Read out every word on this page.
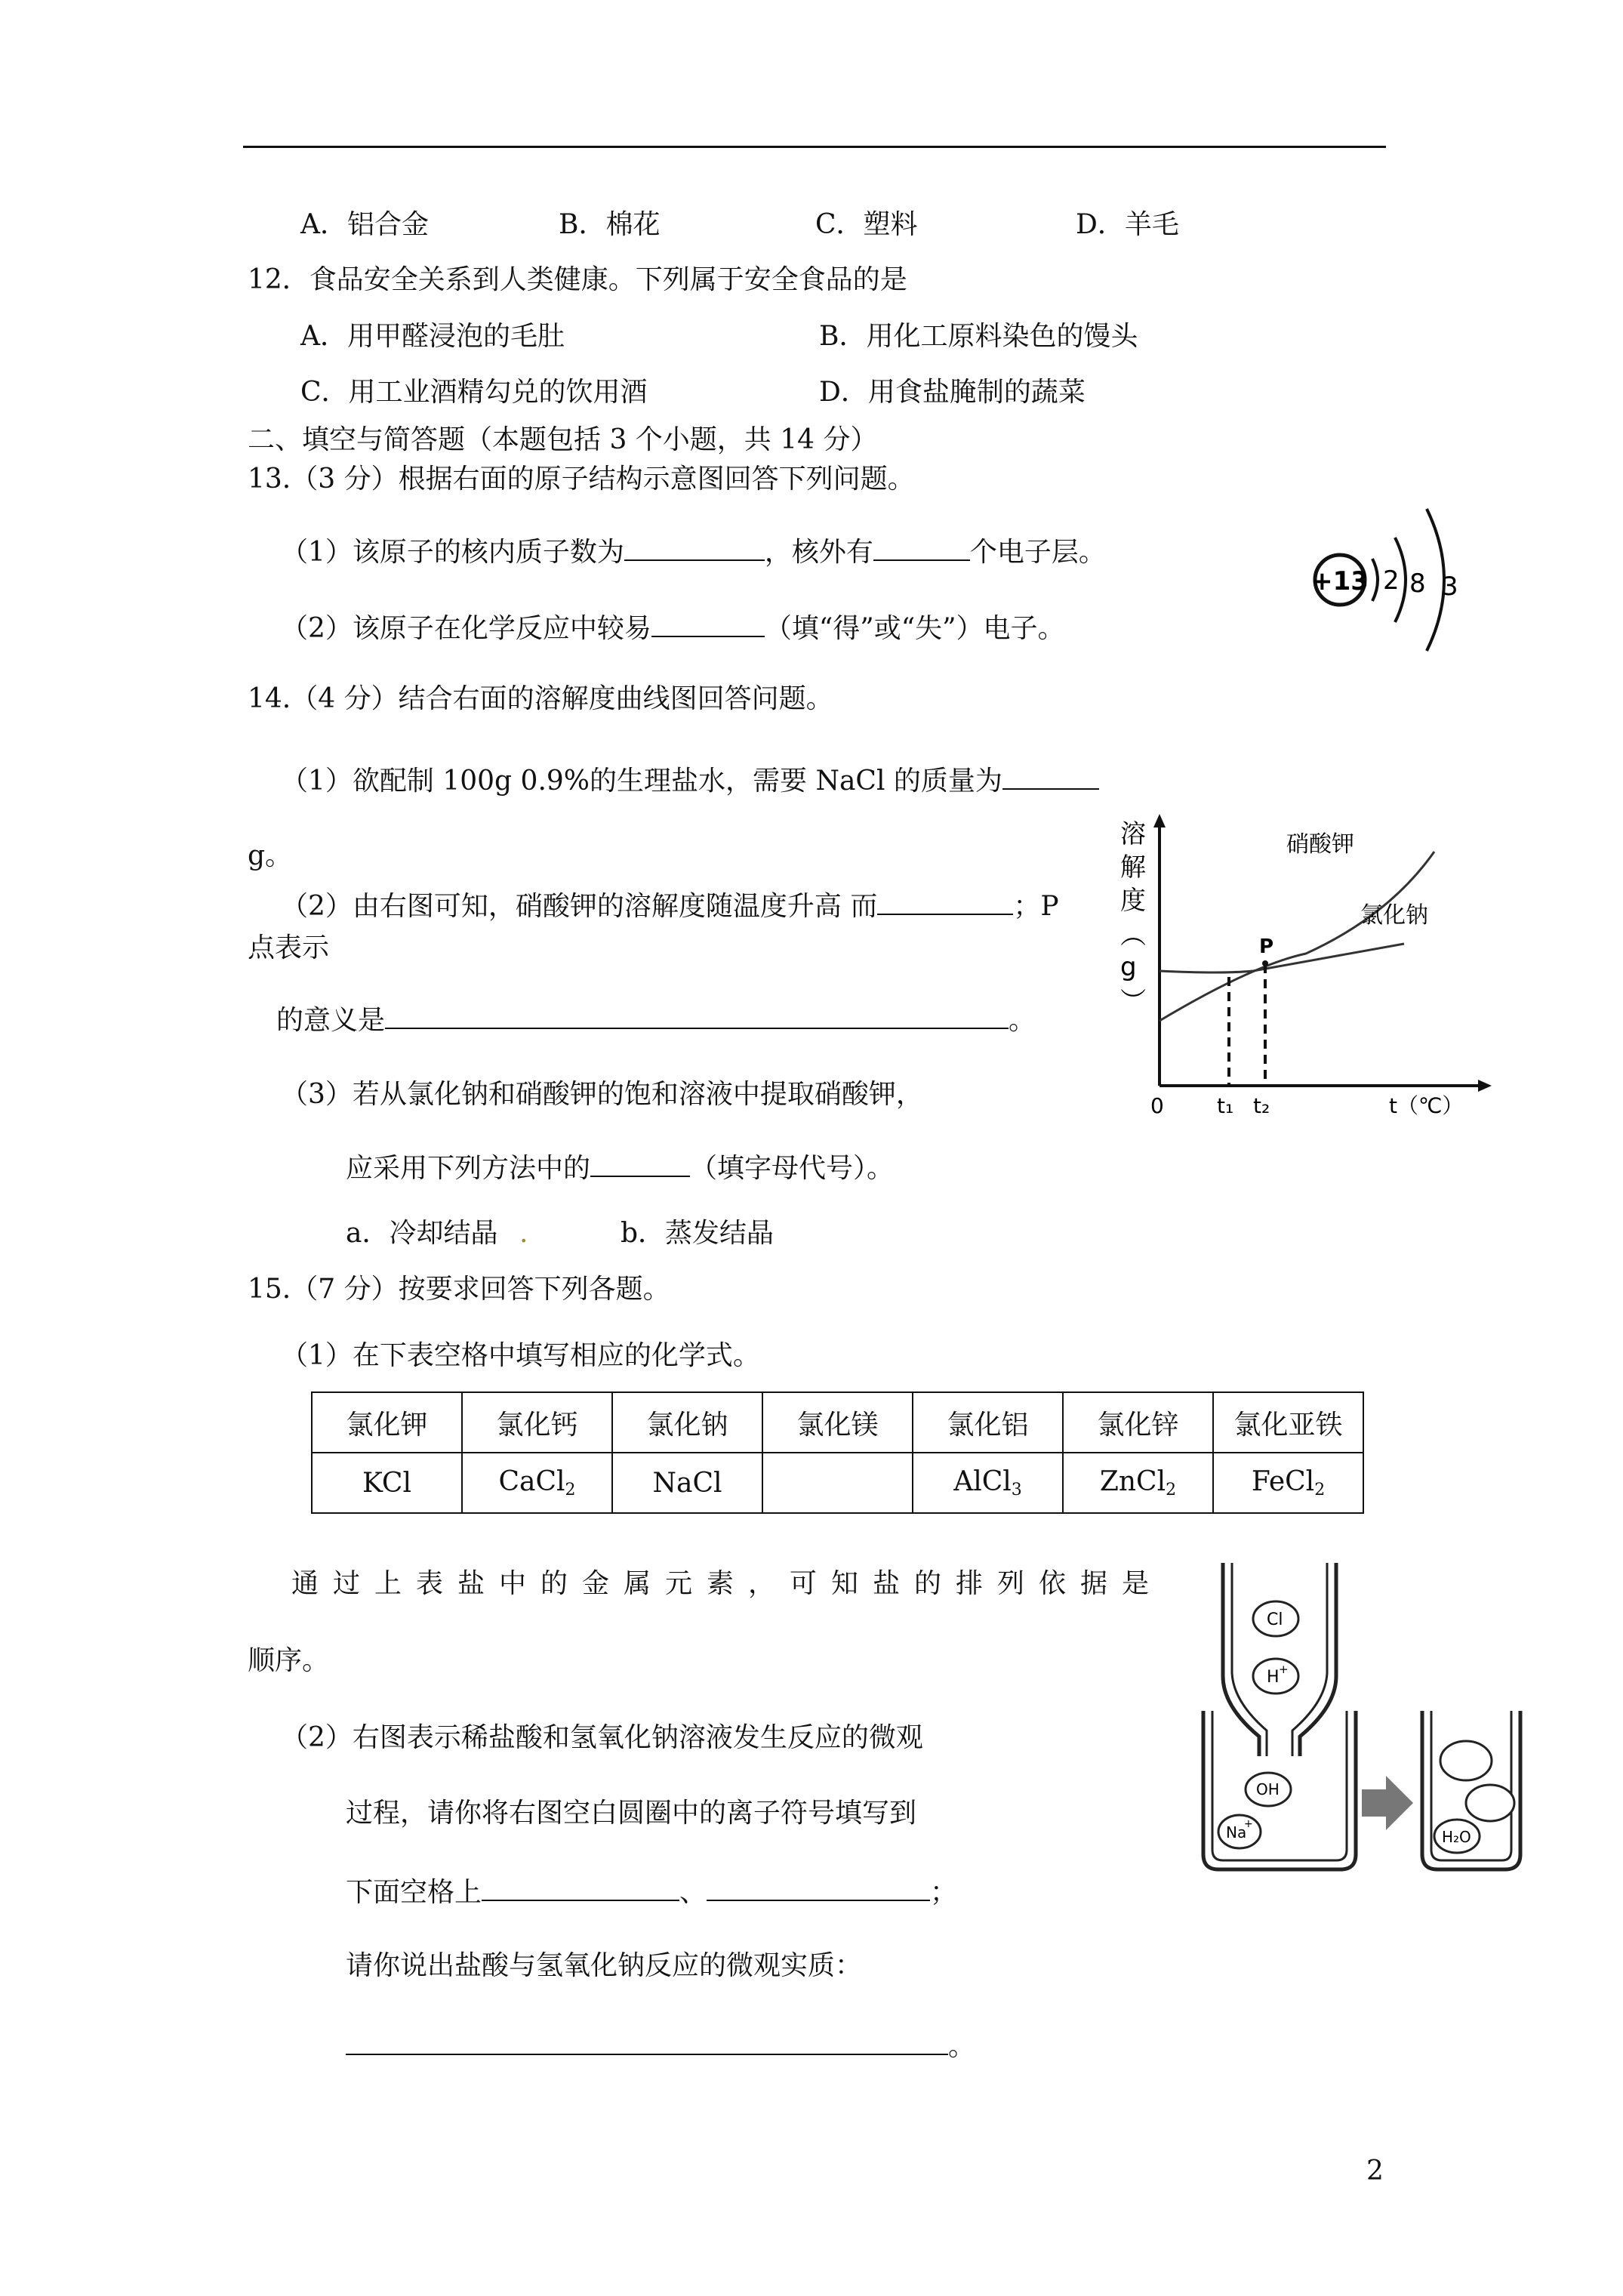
A．铝合金	B．棉花	C．塑料	D．羊毛
12．食品安全关系到人类健康。下列属于安全食品的是
A．用甲醛浸泡的毛肚	B．用化工原料染色的馒头
C．用工业酒精勾兑的饮用酒	D．用食盐腌制的蔬菜
二、填空与简答题（本题包括 3 个小题，共 14 分）
13.（3 分）根据右面的原子结构示意图回答下列问题。
（1）该原子的核内质子数为	，核外有	个电子层。
（2）该原子在化学反应中较易	（填“得”或“失”）电子。
+13 2 8 3
14.（4 分）结合右面的溶解度曲线图回答问题。
（1）欲配制 100g 0.9%的生理盐水，需要 NaCl 的质量为
g。
（2）由右图可知，硝酸钾的溶解度随温度升高 而	；P
点表示
的意义是	。
（3）若从氯化钠和硝酸钾的饱和溶液中提取硝酸钾，
应采用下列方法中的	（填字母代号）。
a．冷却结晶 .	b．蒸发结晶
溶
解
度
（
g
）
P
硝酸钾
氯化钠
0	t₁ t₂	t（℃）
15.（7 分）按要求回答下列各题。
（1）在下表空格中填写相应的化学式。
氯化钾	氯化钙	氯化钠	氯化镁	氯化铝	氯化锌	氯化亚铁
KCl	CaCl$_2$	NaCl		AlCl$_3$	ZnCl$_2$	FeCl$_2$
通过上表盐中的金属元素，可知盐的排列依据是
顺序。
（2）右图表示稀盐酸和氢氧化钠溶液发生反应的微观
过程，请你将右图空白圆圈中的离子符号填写到
下面空格上	、	；
请你说出盐酸与氢氧化钠反应的微观实质：
。
Cl
H +
OH
Na
+
H₂O
2
